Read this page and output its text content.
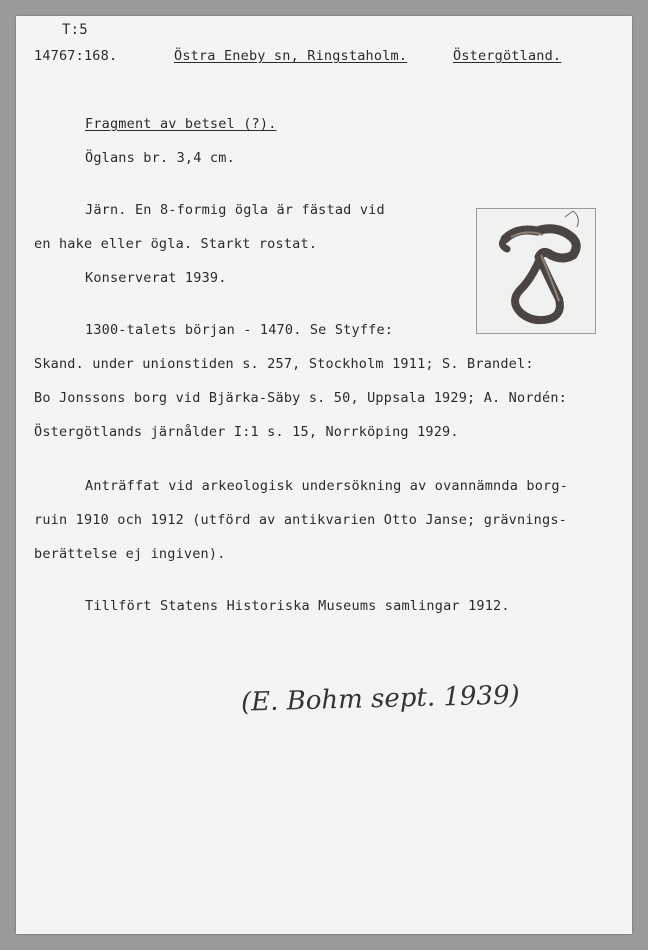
T:5
14767:168.	Östra Eneby sn, Ringstaholm.	Östergötland.
Fragment av betsel (?).
Öglans br. 3,4 cm.
Järn. En 8-formig ögla är fästad vid
en hake eller ögla. Starkt rostat.
Konserverat 1939.
1300-talets början - 1470. Se Styffe:
Skand. under unionstiden s. 257, Stockholm 1911; S. Brandel:
Bo Jonssons borg vid Bjärka-Säby s. 50, Uppsala 1929; A. Nordén:
Östergötlands järnålder I:1 s. 15, Norrköping 1929.
Anträffat vid arkeologisk undersökning av ovannämnda borg-
ruin 1910 och 1912 (utförd av antikvarien Otto Janse; grävnings-
berättelse ej ingiven).
Tillfört Statens Historiska Museums samlingar 1912.
(E. Bohm sept. 1939)
